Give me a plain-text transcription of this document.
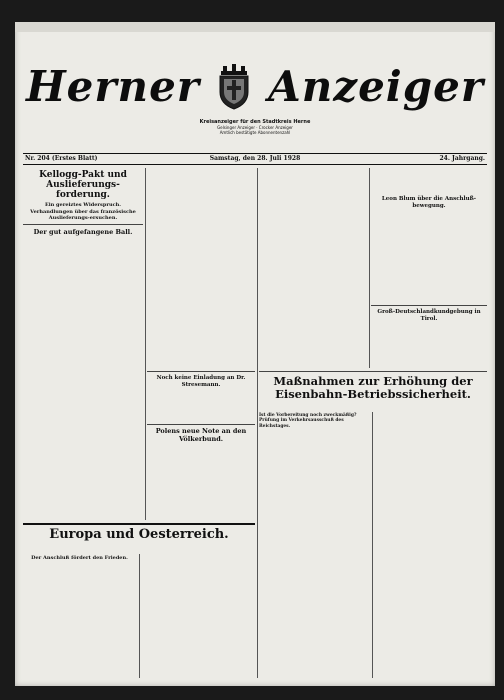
Herner Anzeiger
Kreisanzeiger für den Stadtkreis Herne
Gelsinger Anzeiger · Crocker Anzeiger
Amtlich bestätigte Abonnentenzahl
Nr. 204 (Erstes Blatt)	Samstag, den 28. Juli 1928	24. Jahrgang.
Kellogg-Pakt und Auslieferungs-forderung.
Ein gereiztes Widerspruch.
Verhandlungen über das französische Auslieferungs-ersuchen.
Der gut aufgefangene Ball.
Noch keine Einladung an Dr. Stresemann.
Polens neue Note an den Völkerbund.
Leon Blum über die Anschluß-bewegung.
Groß-Deutschlandkundgebung in Tirol.
Maßnahmen zur Erhöhung der Eisenbahn-Betriebssicherheit.
Ist die Vorbereitung noch zweckmäßig? Prüfung im Verkehrsausschuß des Reichstages.
Europa und Oesterreich.
Der Anschluß fördert den Frieden.
